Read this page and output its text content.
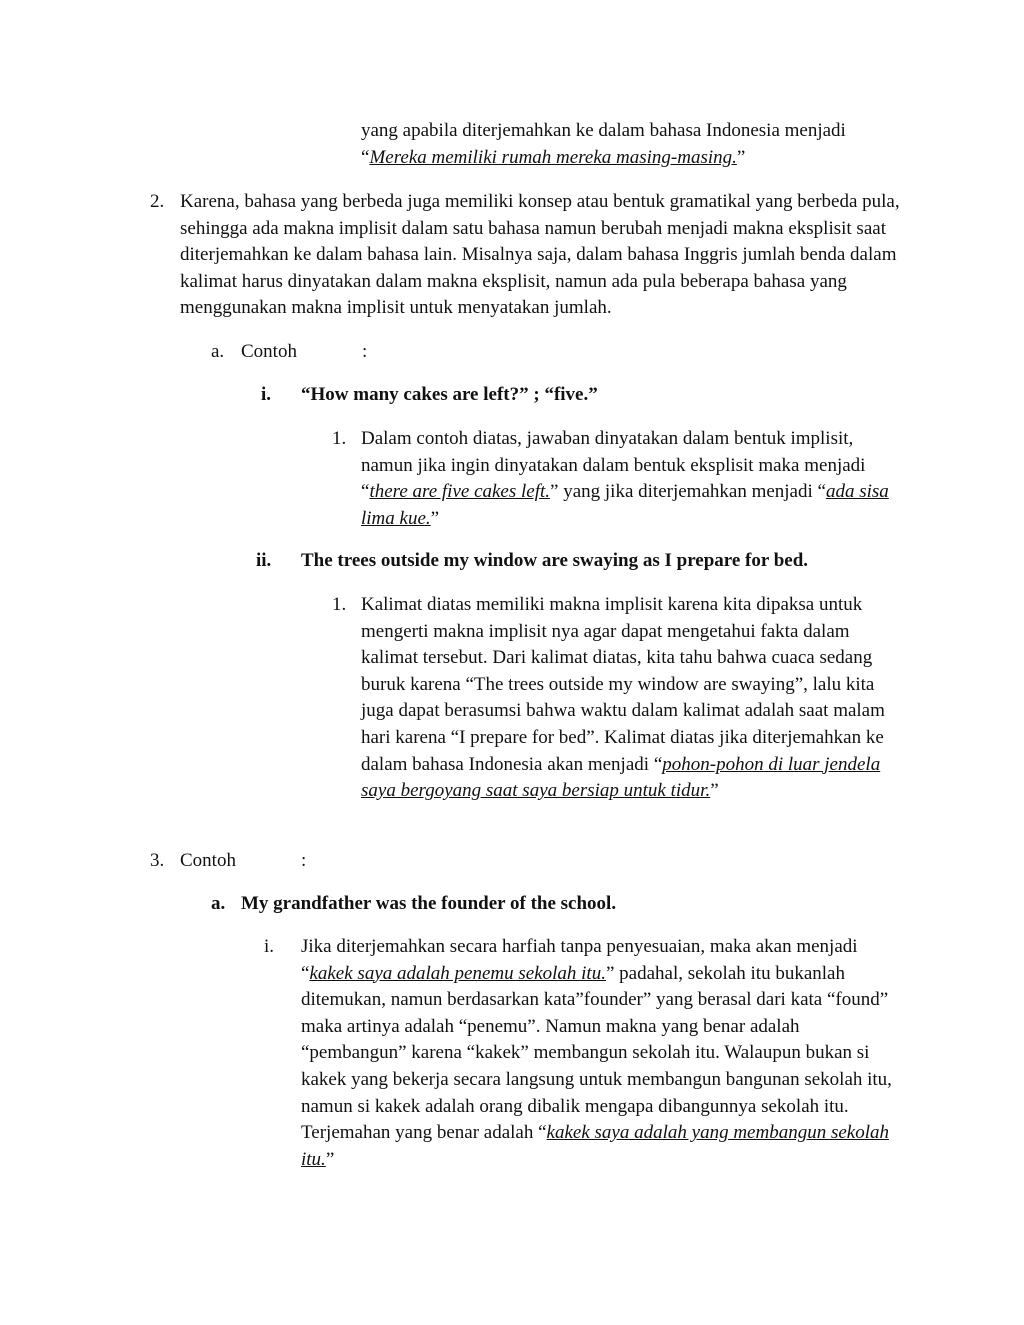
yang apabila diterjemahkan ke dalam bahasa Indonesia menjadi
“Mereka memiliki rumah mereka masing-masing.”
2. Karena, bahasa yang berbeda juga memiliki konsep atau bentuk gramatikal yang berbeda pula, sehingga ada makna implisit dalam satu bahasa namun berubah menjadi makna eksplisit saat diterjemahkan ke dalam bahasa lain. Misalnya saja, dalam bahasa Inggris jumlah benda dalam kalimat harus dinyatakan dalam makna eksplisit, namun ada pula beberapa bahasa yang menggunakan makna implisit untuk menyatakan jumlah.
a. Contoh	:
i. “How many cakes are left?” ; “five.”
1. Dalam contoh diatas, jawaban dinyatakan dalam bentuk implisit, namun jika ingin dinyatakan dalam bentuk eksplisit maka menjadi “there are five cakes left.” yang jika diterjemahkan menjadi “ada sisa lima kue.”
ii. The trees outside my window are swaying as I prepare for bed.
1. Kalimat diatas memiliki makna implisit karena kita dipaksa untuk mengerti makna implisit nya agar dapat mengetahui fakta dalam kalimat tersebut. Dari kalimat diatas, kita tahu bahwa cuaca sedang buruk karena “The trees outside my window are swaying”, lalu kita juga dapat berasumsi bahwa waktu dalam kalimat adalah saat malam hari karena “I prepare for bed”. Kalimat diatas jika diterjemahkan ke dalam bahasa Indonesia akan menjadi “pohon-pohon di luar jendela saya bergoyang saat saya bersiap untuk tidur.”
3. Contoh	:
a. My grandfather was the founder of the school.
i. Jika diterjemahkan secara harfiah tanpa penyesuaian, maka akan menjadi “kakek saya adalah penemu sekolah itu.” padahal, sekolah itu bukanlah ditemukan, namun berdasarkan kata”founder” yang berasal dari kata “found” maka artinya adalah “penemu”. Namun makna yang benar adalah “pembangun” karena “kakek” membangun sekolah itu. Walaupun bukan si kakek yang bekerja secara langsung untuk membangun bangunan sekolah itu, namun si kakek adalah orang dibalik mengapa dibangunnya sekolah itu. Terjemahan yang benar adalah “kakek saya adalah yang membangun sekolah itu.”
